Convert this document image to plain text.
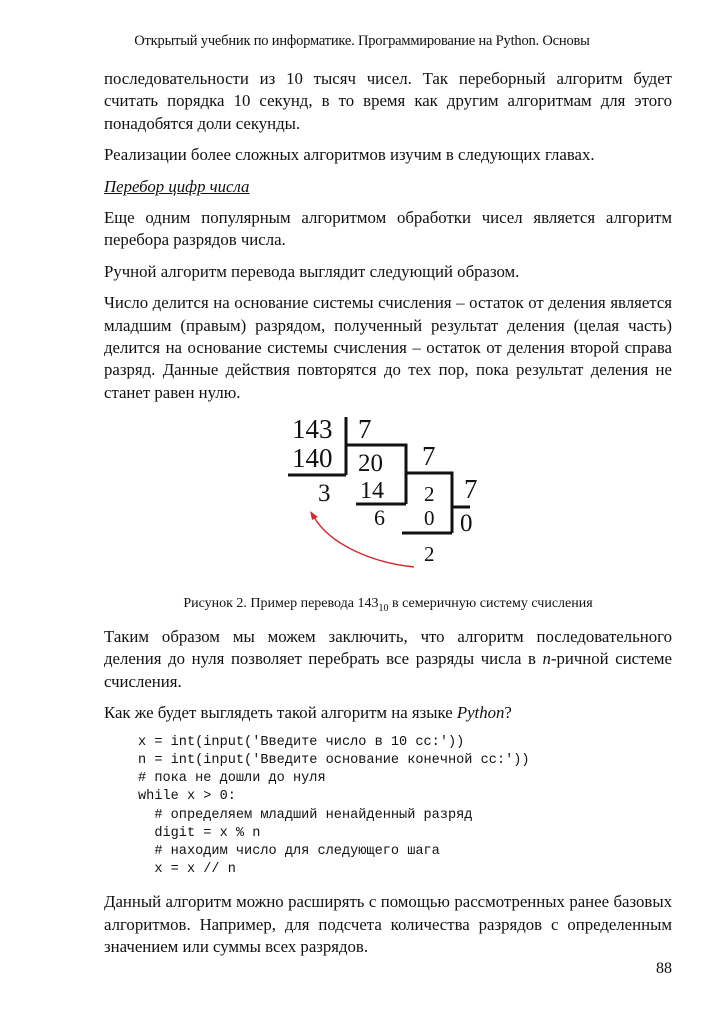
Открытый учебник по информатике. Программирование на Python. Основы

последовательности из 10 тысяч чисел. Так переборный алгоритм будет считать порядка 10 секунд, в то время как другим алгоритмам для этого понадобятся доли секунды.

Реализации более сложных алгоритмов изучим в следующих главах.

Перебор цифр числа

Еще одним популярным алгоритмом обработки чисел является алгоритм перебора разрядов числа.

Ручной алгоритм перевода выглядит следующий образом.

Число делится на основание системы счисления – остаток от деления является младшим (правым) разрядом, полученный результат деления (целая часть) делится на основание системы счисления – остаток от деления второй справа разряд. Данные действия повторятся до тех пор, пока результат деления не станет равен нулю.

143 7
140 20 7
3 14 2 7
6 0 0
2
Рисунок 2. Пример перевода $143_{10}$ в семеричную систему счисления

Таким образом мы можем заключить, что алгоритм последовательного деления до нуля позволяет перебрать все разряды числа в n-ричной системе счисления.

Как же будет выглядеть такой алгоритм на языке Python?

x = int(input('Введите число в 10 сс:'))
n = int(input('Введите основание конечной сс:'))
# пока не дошли до нуля
while x > 0:
# определяем младший ненайденный разряд
digit = x % n
# находим число для следующего шага
x = x // n

Данный алгоритм можно расширять с помощью рассмотренных ранее базовых алгоритмов. Например, для подсчета количества разрядов с определенным значением или суммы всех разрядов.

88
